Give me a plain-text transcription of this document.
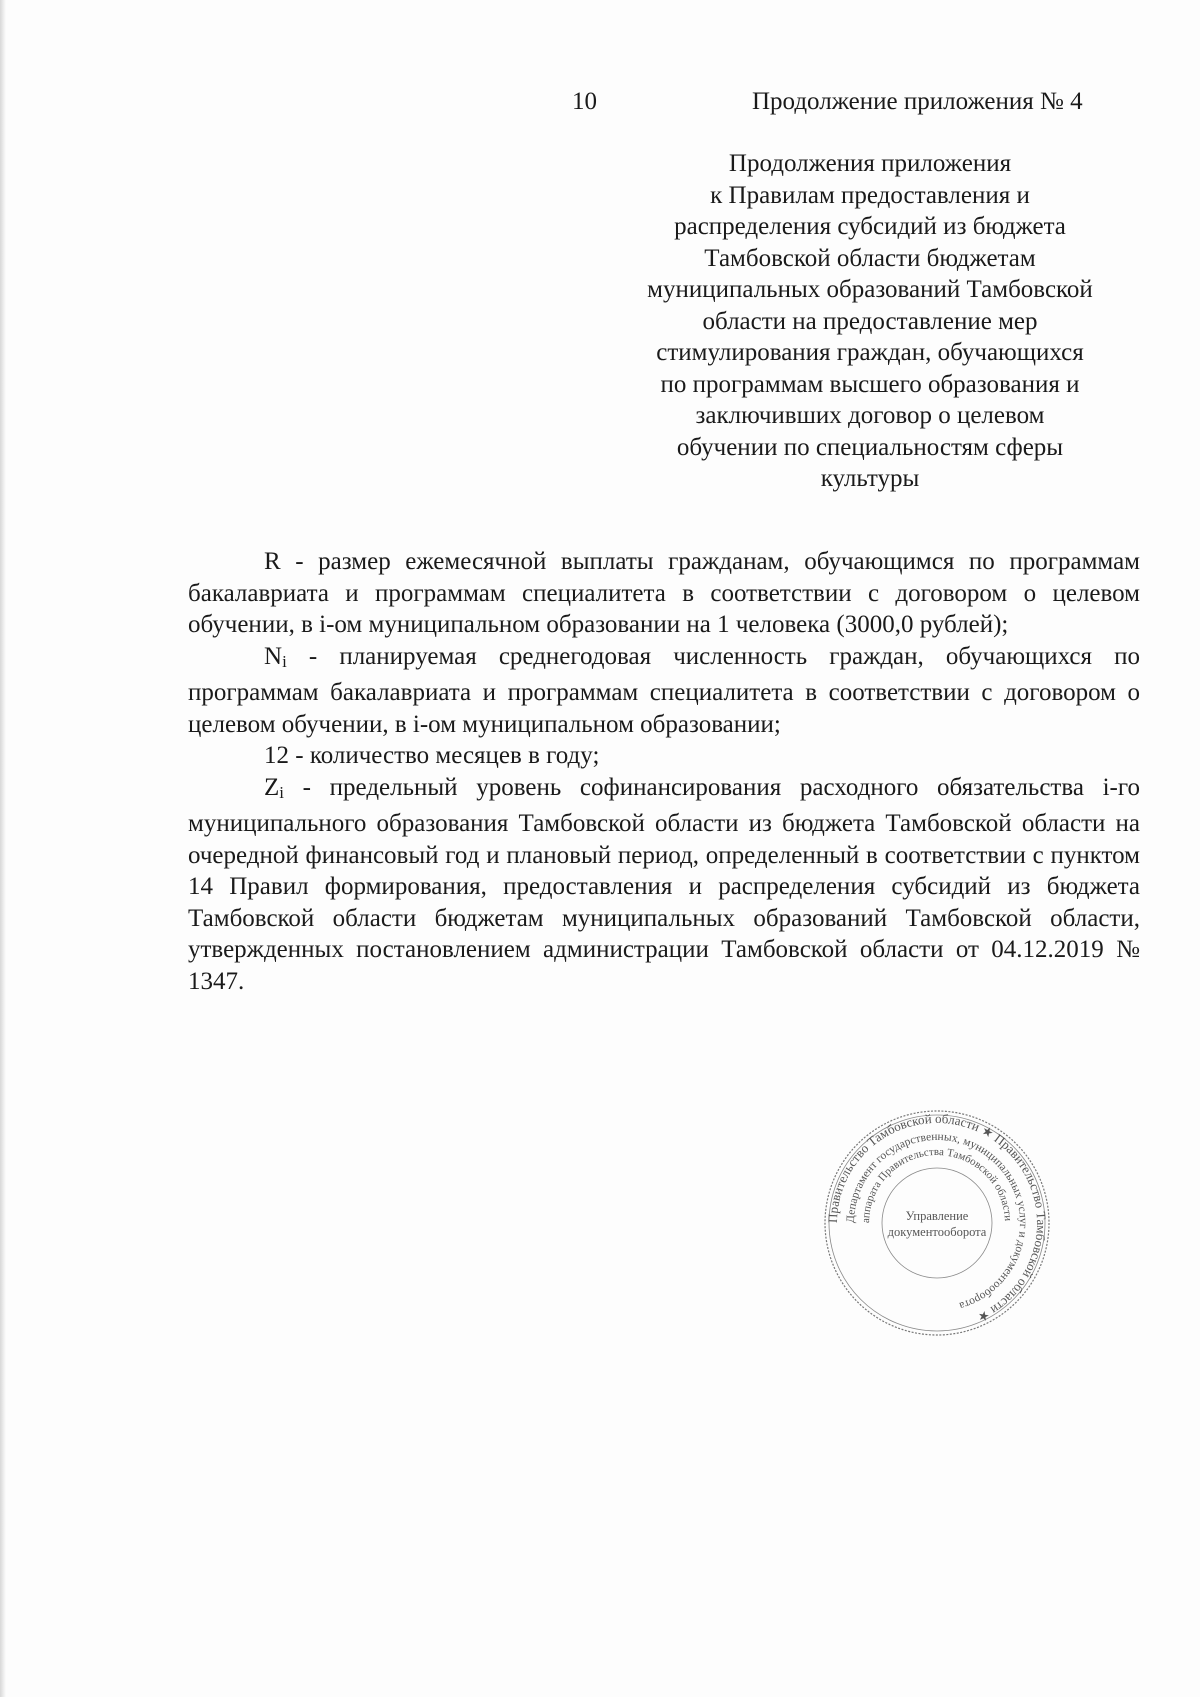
10	Продолжение приложения № 4
Продолжения приложения
к Правилам предоставления и
распределения субсидий из бюджета
Тамбовской области бюджетам
муниципальных образований Тамбовской
области на предоставление мер
стимулирования граждан, обучающихся
по программам высшего образования и
заключивших договор о целевом
обучении по специальностям сферы
культуры

R - размер ежемесячной выплаты гражданам, обучающимся по программам бакалавриата и программам специалитета в соответствии с договором о целевом обучении, в i-ом муниципальном образовании на 1 человека (3000,0 рублей);

Ni - планируемая среднегодовая численность граждан, обучающихся по программам бакалавриата и программам специалитета в соответствии с договором о целевом обучении, в i-ом муниципальном образовании;

12 - количество месяцев в году;

Zi - предельный уровень софинансирования расходного обязательства i-го муниципального образования Тамбовской области из бюджета Тамбовской области на очередной финансовый год и плановый период, определенный в соответствии с пунктом 14 Правил формирования, предоставления и распределения субсидий из бюджета Тамбовской области бюджетам муниципальных образований Тамбовской области, утвержденных постановлением администрации Тамбовской области от 04.12.2019 № 1347.

Правительство Тамбовской области ★ Правительство Тамбовской области ★
Департамент государственных, муниципальных услуг и документооборота
аппарата Правительства Тамбовской области
Управление
документооборота
